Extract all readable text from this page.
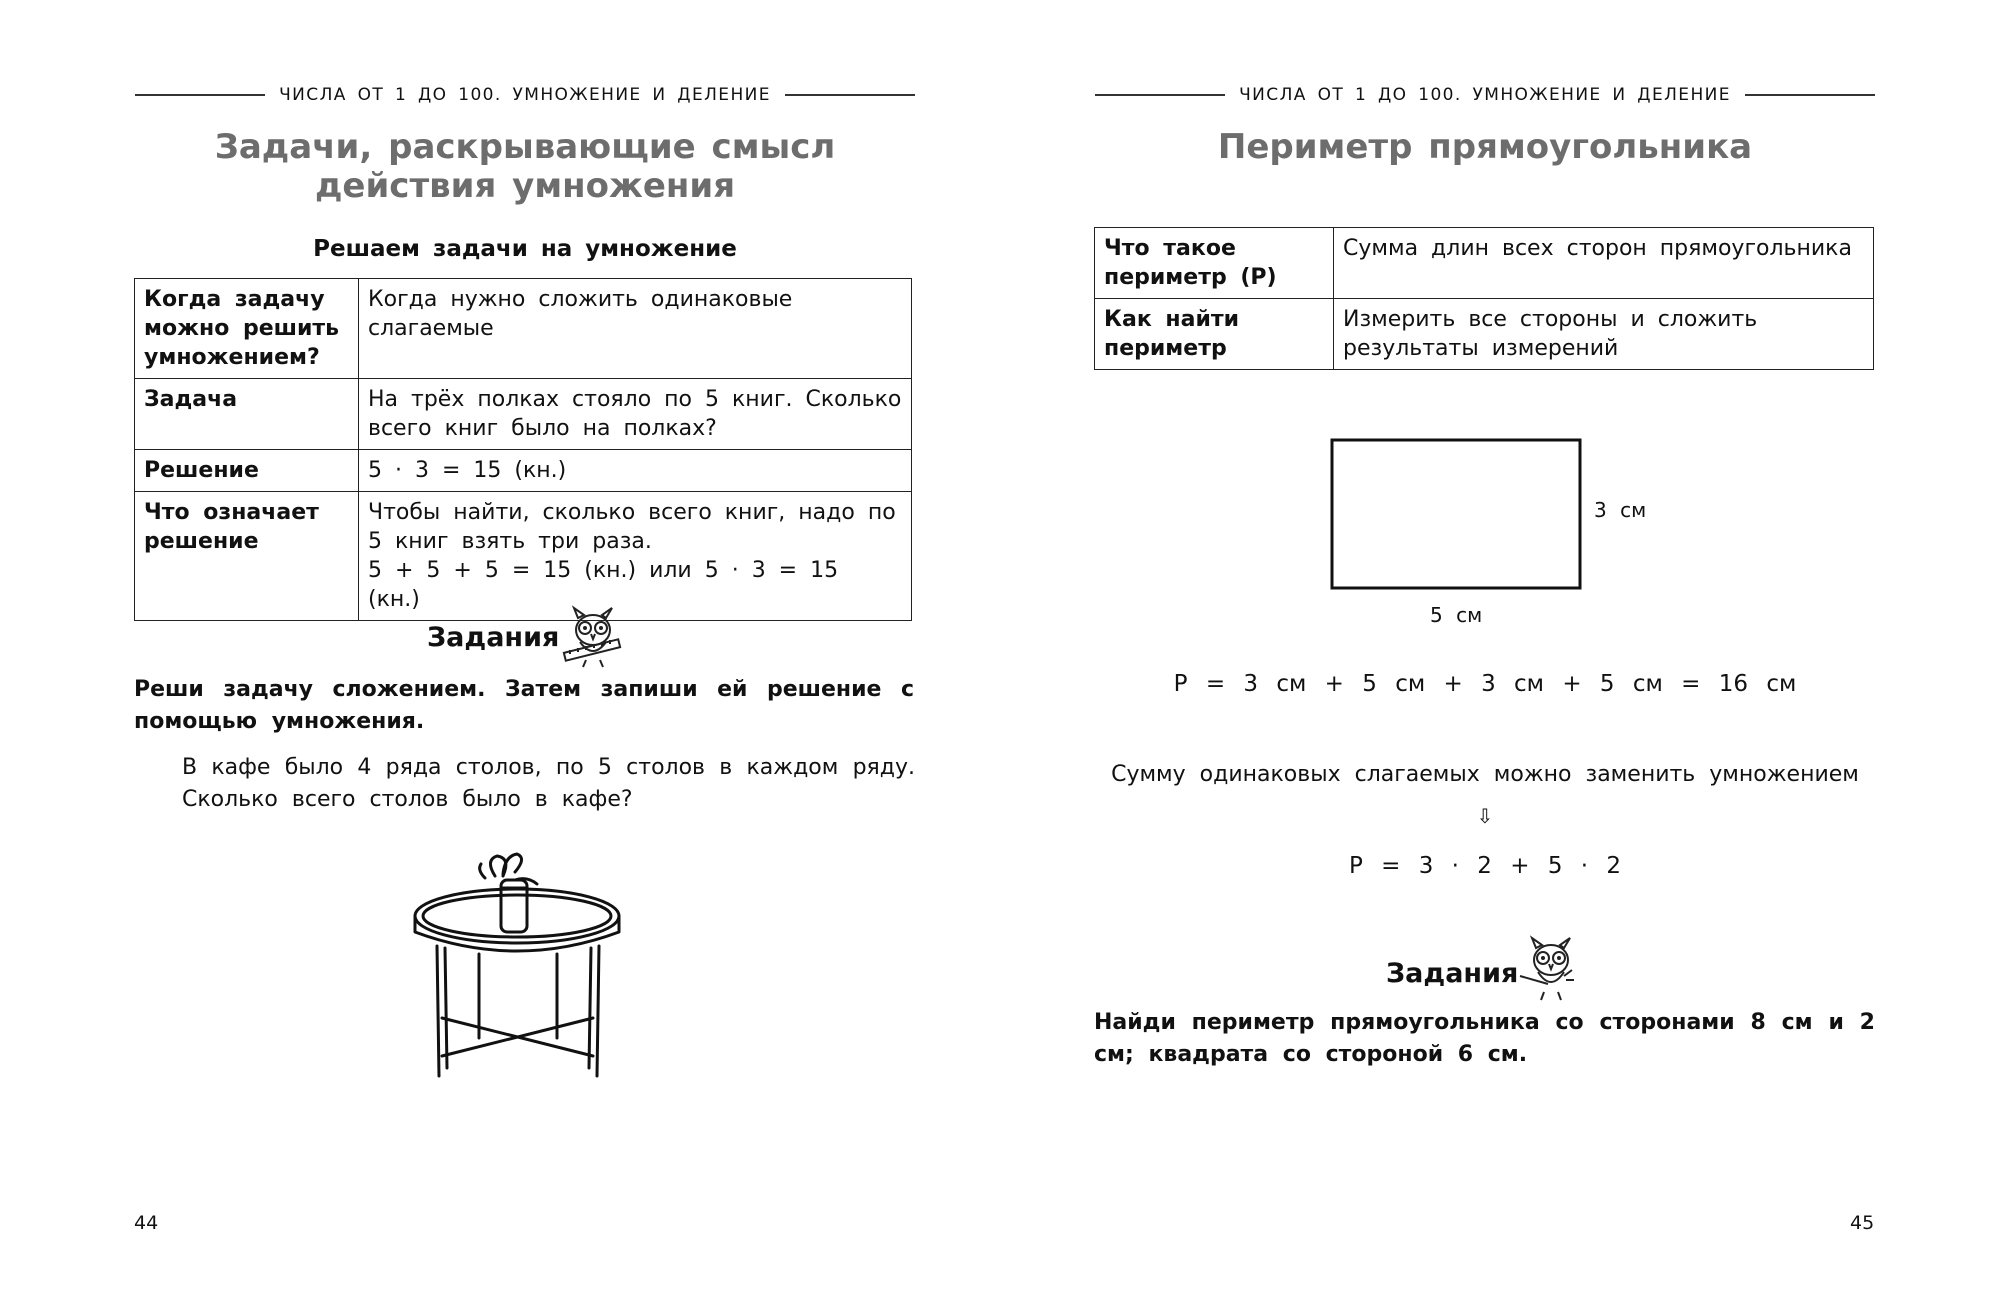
ЧИСЛА ОТ 1 ДО 100. УМНОЖЕНИЕ И ДЕЛЕНИЕ
Задачи, раскрывающие смысл действия умножения
Решаем задачи на умножение
Когда задачу можно решить умножением?	Когда нужно сложить одинаковые слагаемые
Задача	На трёх полках стояло по 5 книг. Сколько всего книг было на полках?
Решение	5 · 3 = 15 (кн.)
Что означает решение	Чтобы найти, сколько всего книг, надо по 5 книг взять три раза.
5 + 5 + 5 = 15 (кн.) или 5 · 3 = 15 (кн.)
Задания
Реши задачу сложением. Затем запиши ей решение с помощью умножения.
В кафе было 4 ряда столов, по 5 столов в каждом ряду. Сколько всего столов было в кафе?
44
ЧИСЛА ОТ 1 ДО 100. УМНОЖЕНИЕ И ДЕЛЕНИЕ
Периметр прямоугольника
Что такое периметр (Р)	Сумма длин всех сторон прямоугольника
Как найти периметр	Измерить все стороны и сложить результаты измерений
3 см
5 см
Р = 3 см + 5 см + 3 см + 5 см = 16 см
Сумму одинаковых слагаемых можно заменить умножением
⇩
Р = 3 · 2 + 5 · 2
Задания
Найди периметр прямоугольника со сторонами 8 см и 2 см; квадрата со стороной 6 см.
45
